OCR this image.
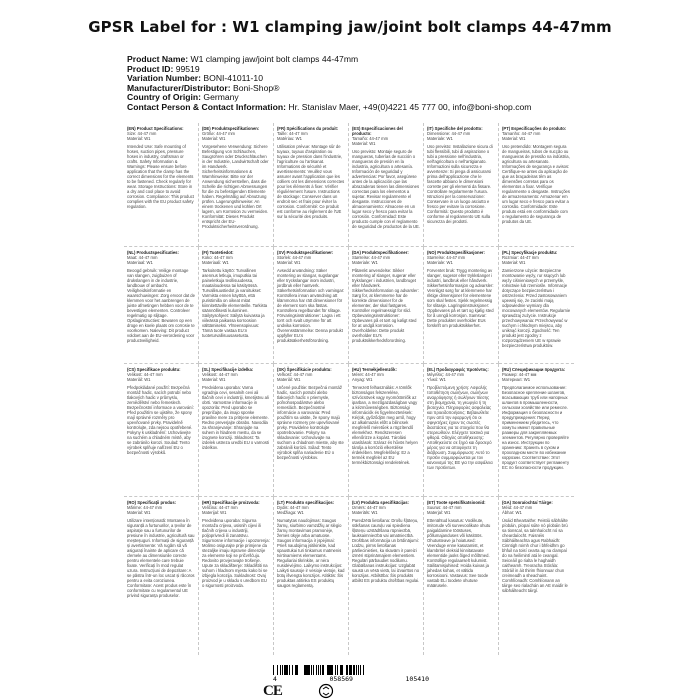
GPSR Label for : W1 clamping jaw/joint bolt clamps 44-47mm
Product Name: W1 clamping jaw/joint bolt clamps 44-47mm
Product ID: 99519
Variation Number: BONI-41011-10
Manufacturer/Distributor: Boni-Shop®
Country of Origin: Germany
Contact Person & Contact Information: Hr. Stanislav Maer, +49(0)4221 45 777 00, info@boni-shop.com
(EN) Product Specifications:
Size: 44-47 mm
Material: W1
Intended Use: Safe mounting of hoses, suction pipes, pressure hoses in industry, craftsman or crafts. Safety Information & Warnings: Please ensure before application that the clamp has the correct dimensions for the elements to be fastened. Check regularly for wear. Storage Instructions: Store in a dry and cool place to avoid corrosion. Compliance: This product complies with the EU product safety regulation.
(DE) Produktspezifikationen:
Größe: 44-47 mm
Material: W1
Vorgesehene Verwendung: Sichere Befestigung von Schläuchen, Saugrohren oder Druckschläuchen in der Industrie, Landwirtschaft oder im Handwerk. Sicherheitsinformationen & Warnhinweise: Bitte vor der Anwendung sicherstellen, dass die Schelle die richtigen Abmessungen für die zu befestigenden Elemente haben. Regelmäßig auf Abnutzung prüfen. Lagerungshinweise: An einem trockenen und kühlen Ort lagern, um Korrosion zu vermeiden. Konformität: Dieses Produkt entspricht der EU-Produktsicherheitsverordnung.
(FR) Spécifications du produit:
Taille: 44-47 mm
Matériau: W1
Utilisation prévue: Montage sûr de tuyaux, tuyaux d'aspiration ou tuyaux de pression dans l'industrie, l'agriculture ou l'artisanat. Informations de sécurité et avertissements: Veuillez vous assurer avant l'application que les colliers ont les dimensions correctes pour les éléments à fixer. Vérifier régulièrement l'usure. Instructions de stockage: Conserver dans un endroit sec et frais pour éviter la corrosion. Conformité: Ce produit est conforme au règlement de l'UE sur la sécurité des produits.
(ES) Especificaciones del producto:
Tamaño: 44-47 mm
Material: W1
Uso previsto: Montaje seguro de mangueras, tuberías de succión o mangueras de presión en la industria, agricultura o artesanía. Información de seguridad y advertencias: Por favor, asegúrese antes de la aplicación que las abrazaderas tienen las dimensiones correctas para los elementos a sujetar. Revisar regularmente el desgaste. Instrucciones de almacenamiento: Almacene en un lugar seco y fresco para evitar la corrosión. Conformidad: Este producto cumple con el reglamento de seguridad de productos de la UE.
(IT) Specifiche del prodotto:
Dimensione: 44-47 mm
Materiale: W1
Uso previsto: Installazione sicura di tubi flessibili, tubi di aspirazione o tubi a pressione nell'industria, nell'agricoltura o nell'artigianato. Informazioni sulla sicurezza e avvertenze: Si prega di assicurarsi prima dell'applicazione che le fascette abbiano le dimensioni corrette per gli elementi da fissare. Controllare regolarmente l'usura. Istruzioni per la conservazione: Conservare in un luogo asciutto e fresco per evitare la corrosione. Conformità: Questo prodotto è conforme al regolamento UE sulla sicurezza dei prodotti.
(PT) Especificações do produto:
Tamanho: 44-47 mm
Material: W1
Uso pretendido: Montagem segura de mangueiras, tubos de sucção ou mangueiras de pressão na indústria, agricultura ou artesanato. Informações de segurança e avisos: Certifique-se antes da aplicação de que as braçadeiras têm as dimensões corretas para os elementos a fixar. Verifique regularmente o desgaste. Instruções de armazenamento: Armazenar em um lugar seco e fresco para evitar a corrosão. Conformidade: Este produto está em conformidade com o regulamento de segurança de produtos da UE.
(NL) Productspecificaties:
Maat: 44-47 mm
Materiaal: W1
Beoogd gebruik: Veilige montage van slangen, zuigbuizen of drukslangen in de industrie, landbouw of ambacht. Veiligheidsinformatie en waarschuwingen: Zorg ervoor dat de klemmen voor het aanbrengen de juiste afmetingen hebben voor de te bevestigen elementen. Controleer regelmatig op slijtage. Opslaginstructies: Bewaren op een droge en koele plaats om corrosie te voorkomen. Naleving: Dit product voldoet aan de EU-verordening voor productveiligheid.
(FI) Tuotetiedot:
Koko: 44-47 mm
Materiaali: W1
Tarkoitettu käyttö: Turvallinen asennus letkuja, imuputkia tai paineletkuja teollisuudessa, maataloudessa tai käsityössä. Turvallisuustiedot ja varoitukset: Varmista ennen käyttöä, että puristimilla on oikeat mitat kiinnitettäville elementeille. Tarkista säännöllisesti kuluminen. Säilytysohjeet: Säilytä kuivassa ja viileässä paikassa korroosion välttämiseksi. Yhteensopivuus: Tämä tuote vastaa EU:n tuoteturvallisuusasetusta.
(SV) Produktspecifikationer:
Storlek: 44-47 mm
Material: W1
Avsedd användning: Säker montering av slangar, sugslangar eller tryckslangar inom industri, jordbruk eller hantverk. Säkerhetsinformation och varningar: Kontrollera innan användning att klämmorna har rätt dimensioner för de element som ska fästas. Kontrollera regelbundet för slitage. Förvaringsinstruktioner: Lagra i ett torrt och svalt utrymme för att undvika korrosion. Överensstämmelse: Denna produkt uppfyller EU:s produktsäkerhetsförordning.
(DA) Produktspecifikationer:
Størrelse: 44-47 mm
Materiale: W1
Påtænkt anvendelse: Sikker montering af slanger, sugerør eller trykslanger i industrien, landbruget eller håndværk. Sikkerhedsinformation og advarsler: Sørg for, at klemmerne har de korrekte dimensioner for de elementer, der skal fastgøres. Kontroller regelmæssigt for slid. Opbevaringsinstruktioner: Opbevares på et tørt og køligt sted for at undgå korrosion. Overholdelse: Dette produkt overholder EU's produktsikkerhedsforordning.
(NO) Produktspesifikasjoner:
Størrelse: 44-47 mm
Materiale: W1
Forventet bruk: Trygg montering av slanger, sugerør eller trykkslanger i industri, landbruk eller håndverk. Sikkerhetsinformasjon og advarsler: Vennligst sørg for at klemmene har riktige dimensjoner for elementene som skal festes. Sjekk regelmessig for slitasje. Lagringsinstruksjoner: Oppbevares på et tørt og kjølig sted for å unngå korrosjon. Samsvar: Dette produktet overholder EUs forskrift om produktsikkerhet.
(PL) Specyfikacje produktu:
Rozmiar: 44-47 mm
Materiał: W1
Zamierzone użycie: Bezpieczne montowanie węży, rur ssących lub węży ciśnieniowych w przemyśle, rolnictwie lub rzemiośle. Informacje dotyczące bezpieczeństwa i ostrzeżenia: Przed zastosowaniem upewnij się, że zaciski mają odpowiednie wymiary dla mocowanych elementów. Regularnie sprawdzaj zużycie. Instrukcje przechowywania: Przechowywać w suchym i chłodnym miejscu, aby uniknąć korozji. Zgodność: Ten produkt jest zgodny z rozporządzeniem UE w sprawie bezpieczeństwa produktów.
(CS) Specifikace produktu:
Velikost: 44-47 mm
Materiál: W1
Předpokládané použití: Bezpečná montáž hadic, sacích potrubí nebo tlakových hadic v průmyslu, zemědělství nebo řemeslech. Bezpečnostní informace a varování: Před použitím se ujistěte, že spony mají správné rozměry pro upevňované prvky. Pravidelně kontrolujte, zda nejsou opotřebené. Pokyny k uskladnění: Uchovávejte na suchém a chladném místě, aby se zabránilo korozi. Soulad: Tento výrobek splňuje nařízení EU o bezpečnosti výrobků.
(SL) Specifikacije izdelka:
Velikost: 44-47 mm
Material: W1
Predvidena uporaba: Varna vgradnja cevi, sesalnih cevi ali tlačnih cevi v industriji, kmetijstvu ali obrti. Varnostne informacije in opozorila: Pred uporabo se prepričajte, da imajo sponke pravilne mere za pritrjene elemente. Redno preverjajte obrabo. Navodila za shranjevanje: Shranjujte na suhem in hladnem mestu, da se izognete koroziji. Skladnost: Ta izdelek ustreza uredbi EU o varnosti izdelkov.
(SK) Špecifikácie produktu:
Veľkosť: 44-47 mm
Materiál: W1
Určené použitie: Bezpečná montáž hadíc, sacích potrubí alebo tlakových hadíc v priemysle, poľnohospodárstve alebo remeslách. Bezpečnostné informácie a varovania: Pred použitím sa uistite, že spony majú správne rozmery pre upevňované prvky. Pravidelne kontrolujte opotrebovanie. Pokyny na skladovanie: Uchovávajte na suchom a chladnom mieste, aby ste zabránili korózii. Súlad: Tento výrobok spĺňa nariadenie EÚ o bezpečnosti výrobkov.
(HU) Termékjellemzők:
Méret: 44-47 mm
Anyag: W1
Tervezett felhasználás: A tömlők biztonságos felszerelése, szívócsövek vagy nyomótömlők az iparban, a mezőgazdaságban vagy a kézművességben. Biztonsági információk és figyelmeztetések: Kérjük, győződjön meg arról, hogy az alkalmazás előtt a bilincsek megfelelő méretűek a rögzítendő elemekhez. Rendszeresen ellenőrizze a kopást. Tárolási utasítások: Száraz és hűvös helyen tárolja a korrózió elkerülése érdekében. Megfelelőség: Ez a termék megfelel az EU termékbiztonsági rendeletének.
(EL) Προδιαγραφές προϊόντος:
Μέγεθος: 44-47 mm
Υλικό: W1
Προβλεπόμενη χρήση: Ασφαλής τοποθέτηση σωλήνων, σωλήνων αναρρόφησης ή σωλήνων πίεσης στη βιομηχανία, τη γεωργία ή τη βιοτεχνία. Πληροφορίες ασφαλείας και προειδοποιήσεις: Βεβαιωθείτε πριν από την εφαρμογή ότι οι σφιγκτήρες έχουν τις σωστές διαστάσεις για τα στοιχεία που θα στερεωθούν. Ελέγχετε τακτικά για φθορά. Οδηγίες αποθήκευσης: Αποθηκεύστε σε ξηρό και δροσερό μέρος για να αποφύγετε τη διάβρωση. Συμμόρφωση: Αυτό το προϊόν συμμορφώνεται με τον κανονισμό της ΕΕ για την ασφάλεια των προϊόντων.
(RU) Спецификации продукта:
Размер: 44-47 мм
Материал: W1
Предполагаемое использование: Безопасное крепление шлангов, всасывающих труб или напорных шлангов в промышленности, сельском хозяйстве или ремесле. Информация о безопасности и предупреждения: Перед применением убедитесь, что хомуты имеют правильные размеры для закрепляемых элементов. Регулярно проверяйте на износ. Инструкции по хранению: Хранить в сухом и прохладном месте во избежание коррозии. Соответствие: Этот продукт соответствует регламенту ЕС по безопасности продукции.
(RO) Specificații produs:
Mărime: 44-47 mm
Material: W1
Utilizare intenționată: Montarea în siguranță a furtunurilor, a țevilor de aspirație sau a furtunurilor de presiune în industrie, agricultură sau meșteșuguri. Informații de siguranță și avertismente: Vă rugăm să vă asigurați înainte de aplicare că clemele au dimensiunile corecte pentru elementele care trebuie fixate. Verificați în mod regulat uzura. Instrucțiuni de depozitare: A se păstra într-un loc uscat și răcoros pentru a evita coroziunea. Conformitate: Acest produs este în conformitate cu regulamentul UE privind siguranța produselor.
(HR) Specifikacije proizvoda:
Veličina: 44-47 mm
Materijal: W1
Predviđena uporaba: Sigurna montaža crijeva, usisnih cijevi ili tlačnih crijeva u industriji, poljoprivredi ili zanatstvu. Sigurnosne informacije i upozorenja: Molimo osigurajte prije primjene da stezaljke imaju ispravne dimenzije za elemente koji se pričvršćuju. Redovito provjeravajte trošenje. Upute za skladištenje: Skladištiti na suhom i hladnom mjestu kako bi se izbjegla korozija. Sukladnost: Ovaj proizvod je u skladu s uredbom EU o sigurnosti proizvoda.
(LT) Produkto specifikacijos:
Dydis: 44-47 mm
Medžiaga: W1
Numatytas naudojimas: Saugus žarnų, siurbimo vamzdžių ar slėgio žarnų montavimas pramonėje, žemės ūkyje arba amatuose. Saugos informacija ir įspėjimai: Prieš naudojimą įsitikinkite, kad spaustukai turi tinkamus matmenis tvirtinamiems elementams. Reguliariai tikrinkite, ar nėra nusidėvėjimo. Laikymo instrukcijos: Laikyti sausoje ir vėsioje vietoje, kad būtų išvengta korozijos. Atitiktis: Šis produktas atitinka ES produktų saugos reglamentą.
(LV) Produkta specifikācijas:
Izmērs: 44-47 mm
Materiāls: W1
Paredzētā lietošana: Drošu šļūteņu, sūkšanas cauruļu vai spiediena šļūteņu uzstādīšana rūpniecībā, lauksaimniecībā vai amatniecībā. Drošības informācija un brīdinājumi: Lūdzu, pirms lietošanas pārliecinieties, ka skavām ir pareizi izmēri stiprināmajiem elementiem. Regulāri pārbaudiet nodilumu. Glabāšanas instrukcijas: Uzglabāt sausā un vēsā vietā, lai izvairītos no korozijas. Atbilstība: Šis produkts atbilst ES produktu drošības regulai.
(ET) Toote spetsifikatsioonid:
Suurus: 44-47 mm
Materjal: W1
Ettenähtud kasutus: Voolikute, imitorude või survevoolikute ohutu paigaldamine tööstuses, põllumajanduses või käsitöös. Ohutusteave ja hoiatused: Veenduge enne kasutamist, et klambritel oleksid kinnitatavate elementide jaoks õiged mõõtmed. Kontrollige regulaarselt kulumist. Säilitamisjuhised: Hoida kuivas ja jahedas kohas, et vältida korrosiooni. Vastavus: See toode vastab ELi toodete ohutuse määrusele.
(GA) Sonraíochtaí Táirge:
Méid: 44-47 mm
Ábhar: W1
Úsáid Bheartaithe: Feistiú sábháilte píobáin, píopaí súite nó píobáin brú sa tionscal, sa talmhaíocht nó sa cheardaíocht. Faisnéis Sábháilteachta agus Rabhaidh: Cinntigh roimh chur i bhfeidhm go bhfuil na toisí cearta ag na clampaí do na heilimintí atá le ceangal. Seiceáil go rialta le haghaidh caitheamh. Treoracha Stórála: Stóráil in áit thirim fhionnuar chun creimeadh a sheachaint. Comhlíonadh: Comhlíonann an táirge seo rialachán an AE maidir le sábháilteacht táirgí.
4	058569	105410
CE
